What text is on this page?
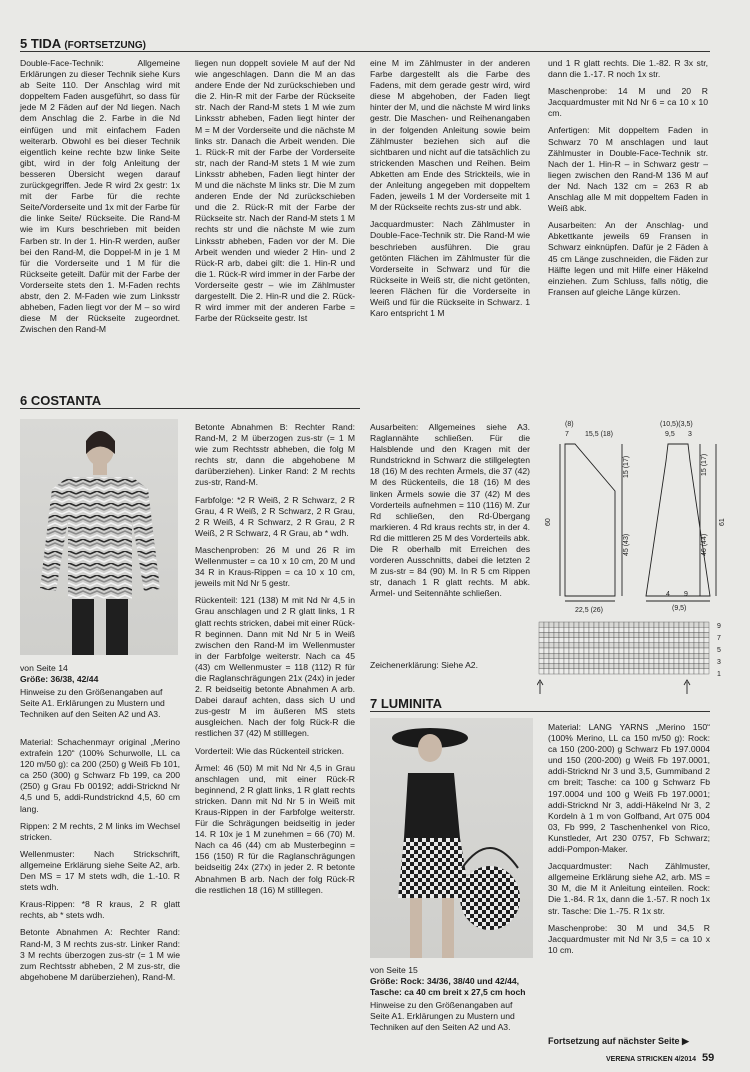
5 TIDA (FORTSETZUNG)

Double-Face-Technik: Allgemeine Erklärungen zu dieser Technik siehe Kurs ab Seite 110. Der Anschlag wird mit doppeltem Faden ausgeführt, so dass für jede M 2 Fäden auf der Nd liegen. Nach dem Anschlag die 2. Farbe in die Nd einfügen und mit einfachem Faden weiterarb. Obwohl es bei dieser Technik eigentlich keine rechte bzw linke Seite gibt, wird in der folg Anleitung der besseren Übersicht wegen darauf zurückgegriffen. Jede R wird 2x gestr: 1x mit der Farbe für die rechte Seite/Vorderseite und 1x mit der Farbe für die linke Seite/ Rückseite. Die Rand-M wie im Kurs beschrieben mit beiden Farben str. In der 1. Hin-R werden, außer bei den Rand-M, die Doppel-M in je 1 M für die Vorderseite und 1 M für die Rückseite geteilt. Dafür mit der Farbe der Vorderseite stets den 1. M-Faden rechts abstr, den 2. M-Faden wie zum Linksstr abheben, Faden liegt vor der M – so wird diese M der Rückseite zugeordnet. Zwischen den Rand-M

liegen nun doppelt soviele M auf der Nd wie angeschlagen. Dann die M an das andere Ende der Nd zurückschieben und die 2. Hin-R mit der Farbe der Rückseite str. Nach der Rand-M stets 1 M wie zum Linksstr abheben, Faden liegt hinter der M = M der Vorderseite und die nächste M links str. Danach die Arbeit wenden. Die 1. Rück-R mit der Farbe der Vorderseite str, nach der Rand-M stets 1 M wie zum Linksstr abheben, Faden liegt hinter der M und die nächste M links str. Die M zum anderen Ende der Nd zurückschieben und die 2. Rück-R mit der Farbe der Rückseite str. Nach der Rand-M stets 1 M rechts str und die nächste M wie zum Linksstr abheben, Faden vor der M. Die Arbeit wenden und wieder 2 Hin- und 2 Rück-R arb, dabei gilt: die 1. Hin-R und die 1. Rück-R wird immer in der Farbe der Vorderseite gestr – wie im Zählmuster dargestellt. Die 2. Hin-R und die 2. Rück-R wird immer mit der anderen Farbe = Farbe der Rückseite gestr. Ist

eine M im Zählmuster in der anderen Farbe dargestellt als die Farbe des Fadens, mit dem gerade gestr wird, wird diese M abgehoben, der Faden liegt hinter der M, und die nächste M wird links gestr. Die Maschen- und Reihenangaben in der folgenden Anleitung sowie beim Zählmuster beziehen sich auf die sichtbaren und nicht auf die tatsächlich zu strickenden Maschen und Reihen. Beim Abketten am Ende des Strickteils, wie in der Anleitung angegeben mit doppeltem Faden, jeweils 1 M der Vorderseite mit 1 M der Rückseite rechts zus-str und abk.

Jacquardmuster: Nach Zählmuster in Double-Face-Technik str. Die Rand-M wie beschrieben ausführen. Die grau getönten Flächen im Zählmuster für die Vorderseite in Schwarz und für die Rückseite in Weiß str, die nicht getönten, leeren Flächen für die Vorderseite in Weiß und für die Rückseite in Schwarz. 1 Karo entspricht 1 M

und 1 R glatt rechts. Die 1.-82. R 3x str, dann die 1.-17. R noch 1x str.

Maschenprobe: 14 M und 20 R Jacquardmuster mit Nd Nr 6 = ca 10 x 10 cm.

Anfertigen: Mit doppeltem Faden in Schwarz 70 M anschlagen und laut Zählmuster in Double-Face-Technik str. Nach der 1. Hin-R – in Schwarz gestr – liegen zwischen den Rand-M 136 M auf der Nd. Nach 132 cm = 263 R ab Anschlag alle M mit doppeltem Faden in Weiß abk.

Ausarbeiten: An der Anschlag- und Abkettkante jeweils 69 Fransen in Schwarz einknüpfen. Dafür je 2 Fäden à 45 cm Länge zuschneiden, die Fäden zur Hälfte legen und mit Hilfe einer Häkelnd einziehen. Zum Schluss, falls nötig, die Fransen auf gleiche Länge kürzen.

6 COSTANTA
von Seite 14
Größe: 36/38, 42/44
Hinweise zu den Größenangaben auf Seite A1. Erklärungen zu Mustern und Techniken auf den Seiten A2 und A3.

Material: Schachenmayr original „Merino extrafein 120“ (100% Schurwolle, LL ca 120 m/50 g): ca 200 (250) g Weiß Fb 101, ca 250 (300) g Schwarz Fb 199, ca 200 (250) g Grau Fb 00192; addi-Stricknd Nr 4,5 und 5, addi-Rundstricknd 4,5, 60 cm lang.

Rippen: 2 M rechts, 2 M links im Wechsel stricken.

Wellenmuster: Nach Strickschrift, allgemeine Erklärung siehe Seite A2, arb. Den MS = 17 M stets wdh, die 1.-10. R stets wdh.

Kraus-Rippen: *8 R kraus, 2 R glatt rechts, ab * stets wdh.

Betonte Abnahmen A: Rechter Rand: Rand-M, 3 M rechts zus-str. Linker Rand: 3 M rechts überzogen zus-str (= 1 M wie zum Rechtsstr abheben, 2 M zus-str, die abgehobene M darüberziehen), Rand-M.

Betonte Abnahmen B: Rechter Rand: Rand-M, 2 M überzogen zus-str (= 1 M wie zum Rechtsstr abheben, die folg M rechts str, dann die abgehobene M darüberziehen). Linker Rand: 2 M rechts zus-str, Rand-M.

Farbfolge: *2 R Weiß, 2 R Schwarz, 2 R Grau, 4 R Weiß, 2 R Schwarz, 2 R Grau, 2 R Weiß, 4 R Schwarz, 2 R Grau, 2 R Weiß, 2 R Schwarz, 4 R Grau, ab * wdh.

Maschenproben: 26 M und 26 R im Wellenmuster = ca 10 x 10 cm, 20 M und 34 R in Kraus-Rippen = ca 10 x 10 cm, jeweils mit Nd Nr 5 gestr.

Rückenteil: 121 (138) M mit Nd Nr 4,5 in Grau anschlagen und 2 R glatt links, 1 R glatt rechts stricken, dabei mit einer Rück-R beginnen. Dann mit Nd Nr 5 in Weiß zwischen den Rand-M im Wellenmuster in der Farbfolge weiterstr. Nach ca 45 (43) cm Wellenmuster = 118 (112) R für die Raglanschrägungen 21x (24x) in jeder 2. R beidseitig betonte Abnahmen A arb. Dabei darauf achten, dass sich U und zus-gestr M im äußeren MS stets ausgleichen. Nach der folg Rück-R die restlichen 37 (42) M stilllegen.

Vorderteil: Wie das Rückenteil stricken.

Ärmel: 46 (50) M mit Nd Nr 4,5 in Grau anschlagen und, mit einer Rück-R beginnend, 2 R glatt links, 1 R glatt rechts stricken. Dann mit Nd Nr 5 in Weiß mit Kraus-Rippen in der Farbfolge weiterstr. Für die Schrägungen beidseitig in jeder 14. R 10x je 1 M zunehmen = 66 (70) M. Nach ca 46 (44) cm ab Musterbeginn = 156 (150) R für die Raglanschrägungen beidseitig 24x (27x) in jeder 2. R betonte Abnahmen B arb. Nach der folg Rück-R die restlichen 18 (16) M stilllegen.

Ausarbeiten: Allgemeines siehe A3. Raglannähte schließen. Für die Halsblende und den Kragen mit der Rundstricknd in Schwarz die stillgelegten 18 (16) M des rechten Ärmels, die 37 (42) M des Rückenteils, die 18 (16) M des linken Ärmels sowie die 37 (42) M des Vorderteils aufnehmen = 110 (116) M. Zur Rd schließen, den Rd-Übergang markieren. 4 Rd kraus rechts str, in der 4. Rd die mittleren 25 M des Vorderteils abk. Die R oberhalb mit Erreichen des vorderen Ausschnitts, dabei die letzten 2 M zus-str = 84 (90) M. In R 5 cm Rippen str, danach 1 R glatt rechts. M abk. Ärmel- und Seitennähte schließen.

(8)
7 15,5 (18)
60
15 (17)
45 (43)
22,5 (26)
(10,5)(3,5)
9,5 3
61
15 (17)
46 (44)
4 9
(9,5)
9
7
5
3
1
Zeichenerklärung: Siehe A2.
7 LUMINITA
von Seite 15
Größe: Rock: 34/36, 38/40 und 42/44, Tasche: ca 40 cm breit x 27,5 cm hoch
Hinweise zu den Größenangaben auf Seite A1. Erklärungen zu Mustern und Techniken auf den Seiten A2 und A3.

Material: LANG YARNS „Merino 150“ (100% Merino, LL ca 150 m/50 g): Rock: ca 150 (200-200) g Schwarz Fb 197.0004 und 150 (200-200) g Weiß Fb 197.0001, addi-Stricknd Nr 3 und 3,5, Gummiband 2 cm breit; Tasche: ca 100 g Schwarz Fb 197.0004 und 100 g Weiß Fb 197.0001; addi-Stricknd Nr 3, addi-Häkelnd Nr 3, 2 Kordeln à 1 m von Golfband, Art 075 004 03, Fb 999, 2 Taschenhenkel von Rico, Kunstleder, Art 230 0757, Fb Schwarz; addi-Pompon-Maker.

Jacquardmuster: Nach Zählmuster, allgemeine Erklärung siehe A2, arb. MS = 30 M, die M it Anleitung einteilen. Rock: Die 1.-84. R 1x, dann die 1.-57. R noch 1x str. Tasche: Die 1.-75. R 1x str.

Maschenprobe: 30 M und 34,5 R Jacquardmuster mit Nd Nr 3,5 = ca 10 x 10 cm.

Fortsetzung auf nächster Seite ▶
VERENA STRICKEN 4/2014 59
